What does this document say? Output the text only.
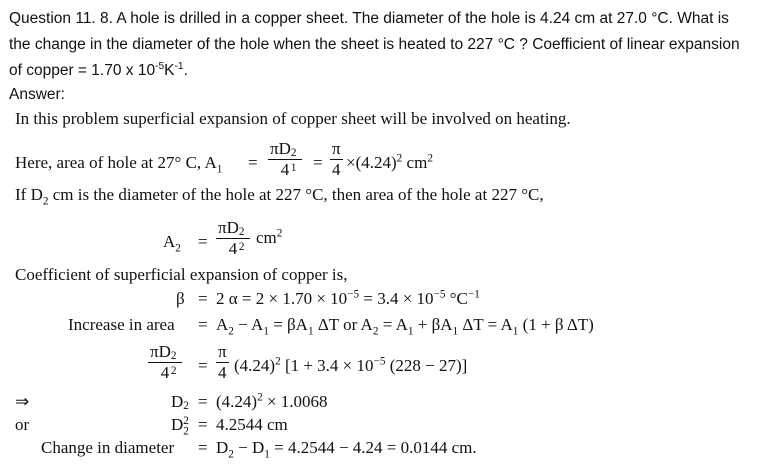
Question 11. 8. A hole is drilled in a copper sheet. The diameter of the hole is 4.24 cm at 27.0 °C. What is
the change in the diameter of the hole when the sheet is heated to 227 °C ? Coefficient of linear expansion
of copper = 1.70 x $10^{-5}K^{-1}$.
Answer:
In this problem superficial expansion of copper sheet will be involved on heating.
Here, area of hole at 27° C, $A_1 = \pi D$ 2
1
$4 = \frac{\pi}{4} \times(4.24)^2$ $cm^2$
If $D_2$ cm is the diameter of the hole at 227 °C, then area of the hole at 227 °C,
$A_2 = \pi D$ 2
2
4 $cm^2$
Coefficient of superficial expansion of copper is,
β = 2 $\alpha = 2 \times 1.70 \times 10^{-5} = 3.4 \times 10^{-5}$ $^\circ C^{-1}$
Increase in area = $A_2 - A_1 = \beta A_1$ ΔT or $A_2 = A_1 + \beta A_1$ $\Delta T = A_1$ (1 + β ΔT)
πD 2
2
$4 = \frac{\pi}{4} (4.24)^2$ [$1 + 3.4 \times 10^{-5}$ (228 − 27)]
⇒	D 2
2
= $(4.24)^2 \times 1.0068$
or	$D_2 = 4.2544$ cm
Change in diameter = $D_2 - D_1 = 4.2544 - 4.24 = 0.0144$ cm.
